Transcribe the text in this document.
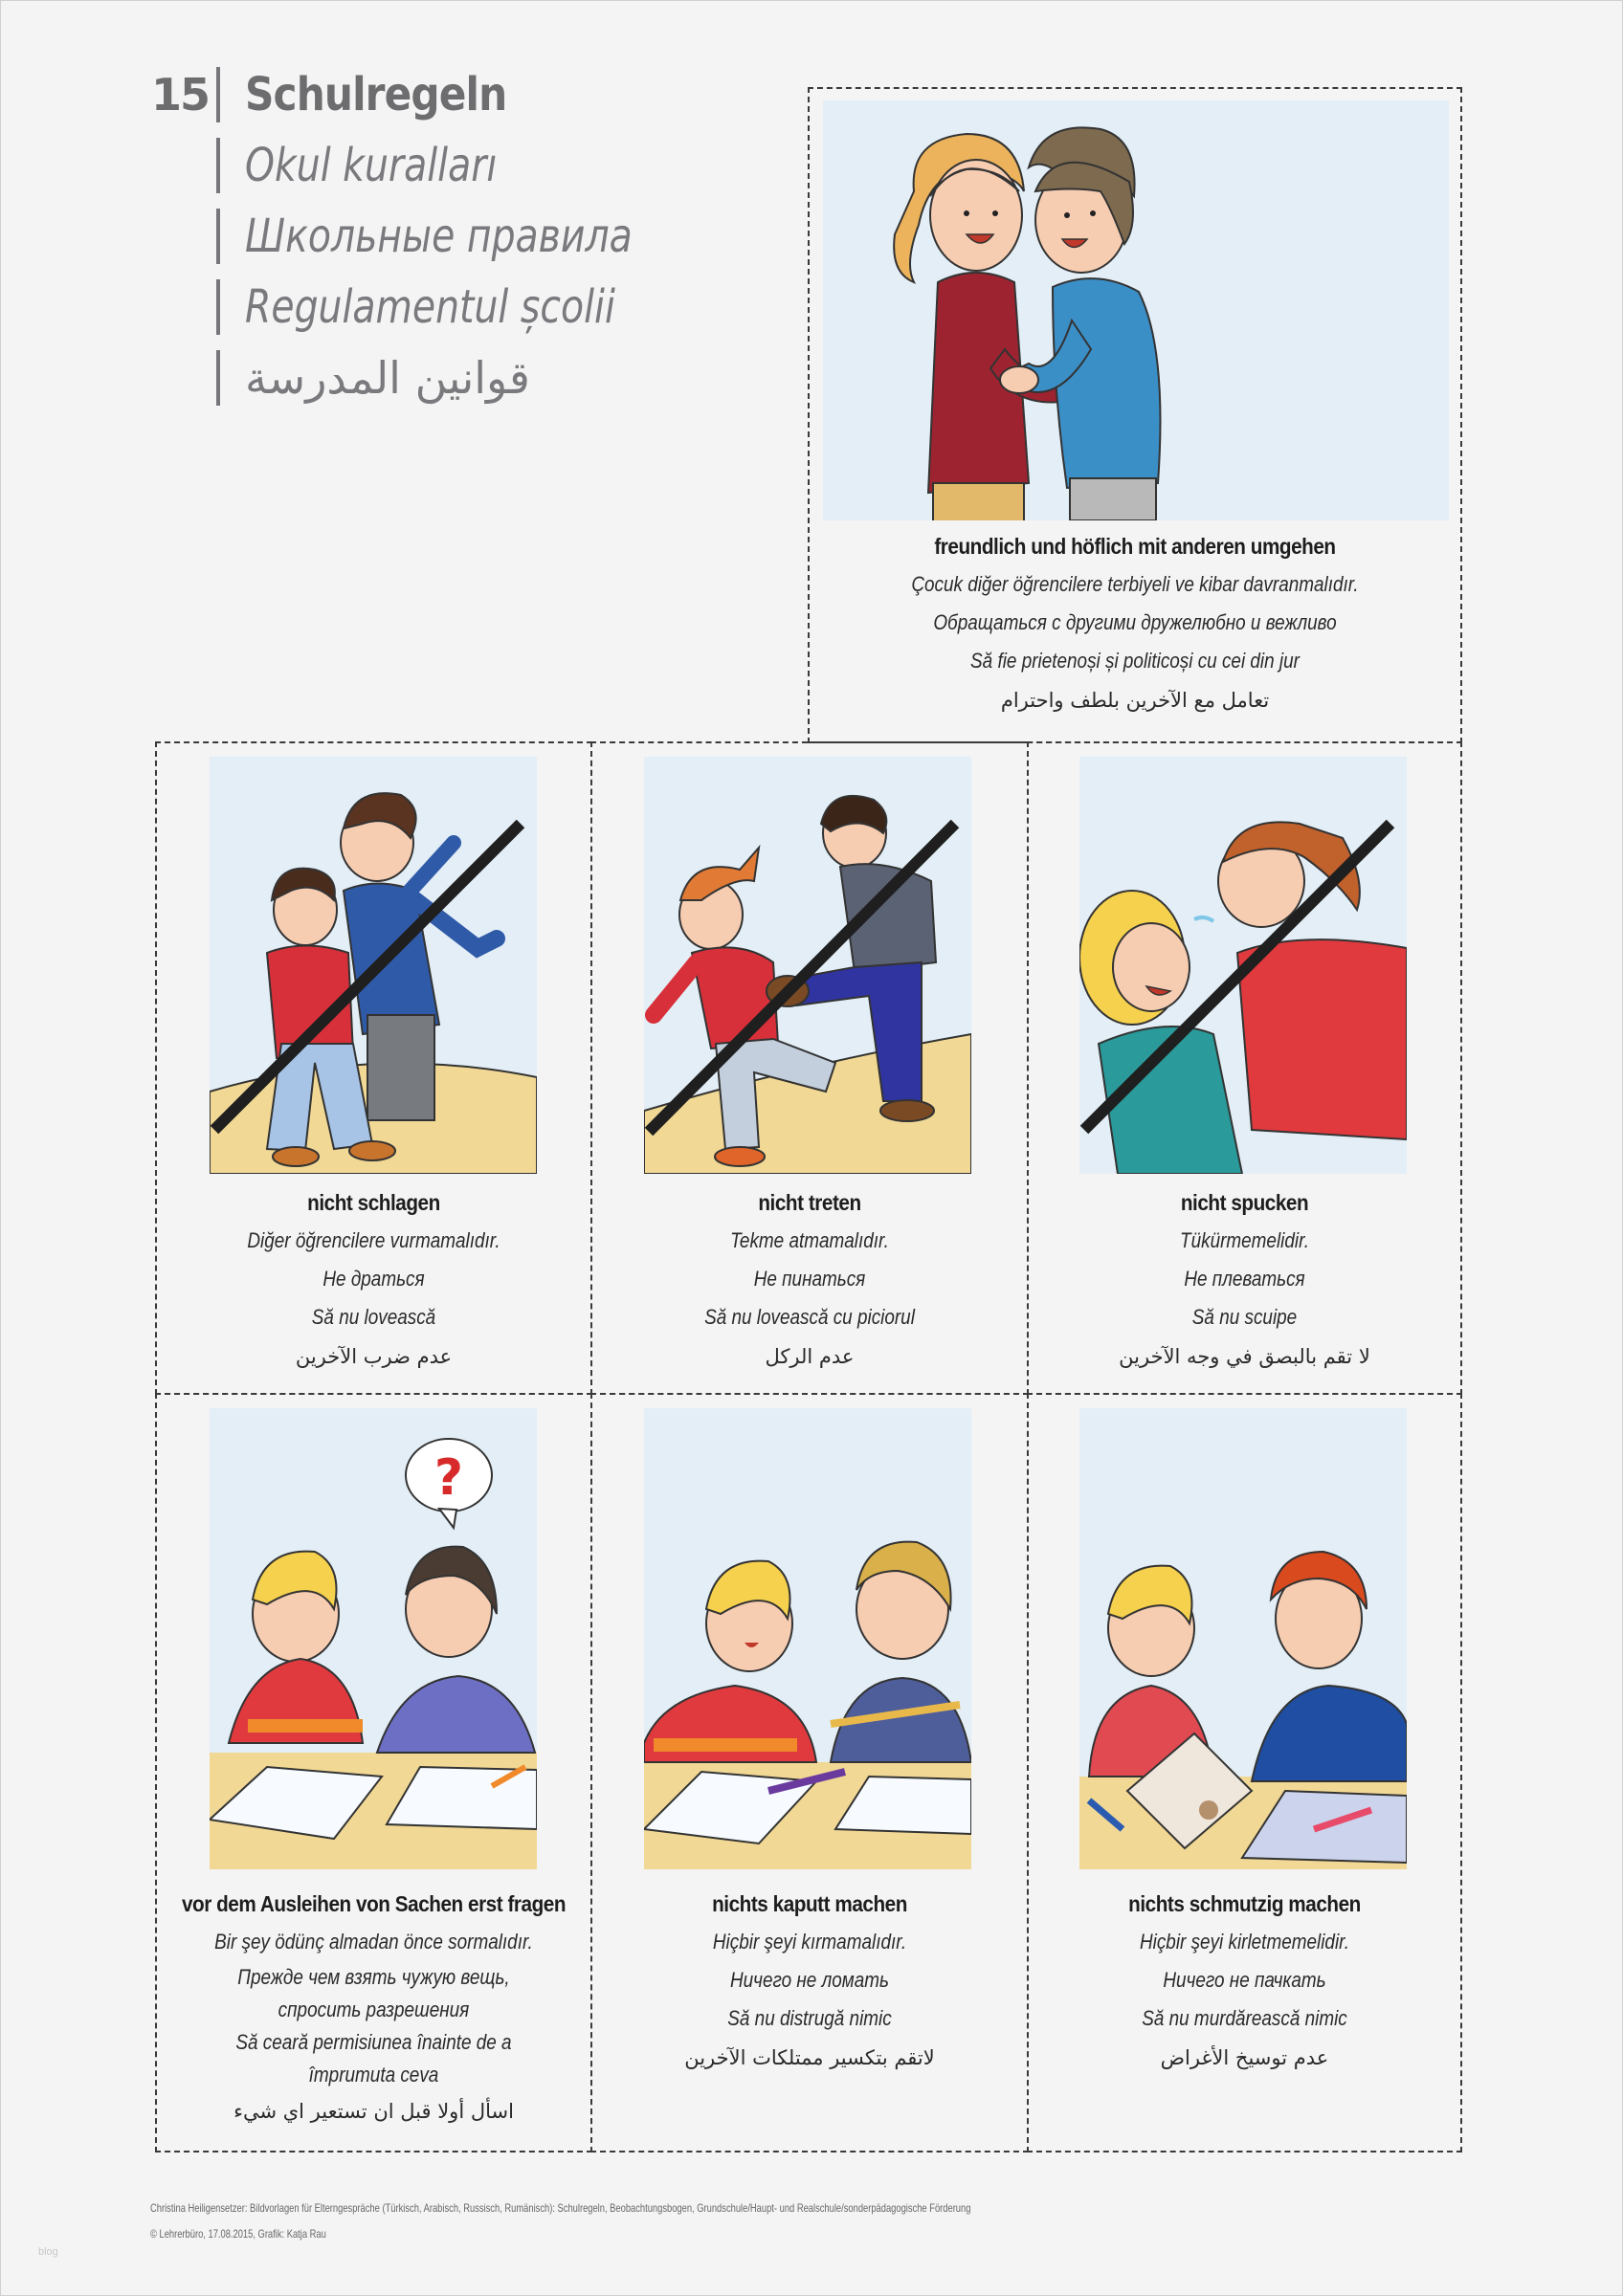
15 Schulregeln
Okul kuralları
Школьные правила
Regulamentul școlii
قوانين المدرسة
freundlich und höflich mit anderen umgehen
Çocuk diğer öğrencilere terbiyeli ve kibar davranmalıdır.
Обращаться с другими дружелюбно и вежливо
Să fie prietenoși și politicoși cu cei din jur
تعامل مع الآخرين بلطف واحترام
nicht schlagen
Diğer öğrencilere vurmamalıdır.
Не драться
Să nu lovească
عدم ضرب الآخرين
nicht treten
Tekme atmamalıdır.
Не пинаться
Să nu lovească cu piciorul
عدم الركل
nicht spucken
Tükürmemelidir.
Не плеваться
Să nu scuipe
لا تقم بالبصق في وجه الآخرين
?
vor dem Ausleihen von Sachen erst fragen
Bir şey ödünç almadan önce sormalıdır.
Прежде чем взять чужую вещь, спросить разрешения
Să ceară permisiunea înainte de a împrumuta ceva
اسأل أولا قبل ان تستعير اي شيء
nichts kaputt machen
Hiçbir şeyi kırmamalıdır.
Ничего не ломать
Să nu distrugă nimic
لاتقم بتكسير ممتلكات الآخرين
nichts schmutzig machen
Hiçbir şeyi kirletmemelidir.
Ничего не пачкать
Să nu murdărească nimic
عدم توسيخ الأغراض
Christina Heiligensetzer: Bildvorlagen für Elterngespräche (Türkisch, Arabisch, Russisch, Rumänisch): Schulregeln, Beobachtungsbogen, Grundschule/Haupt- und Realschule/sonderpädagogische Förderung
© Lehrerbüro, 17.08.2015, Grafik: Katja Rau
blog
